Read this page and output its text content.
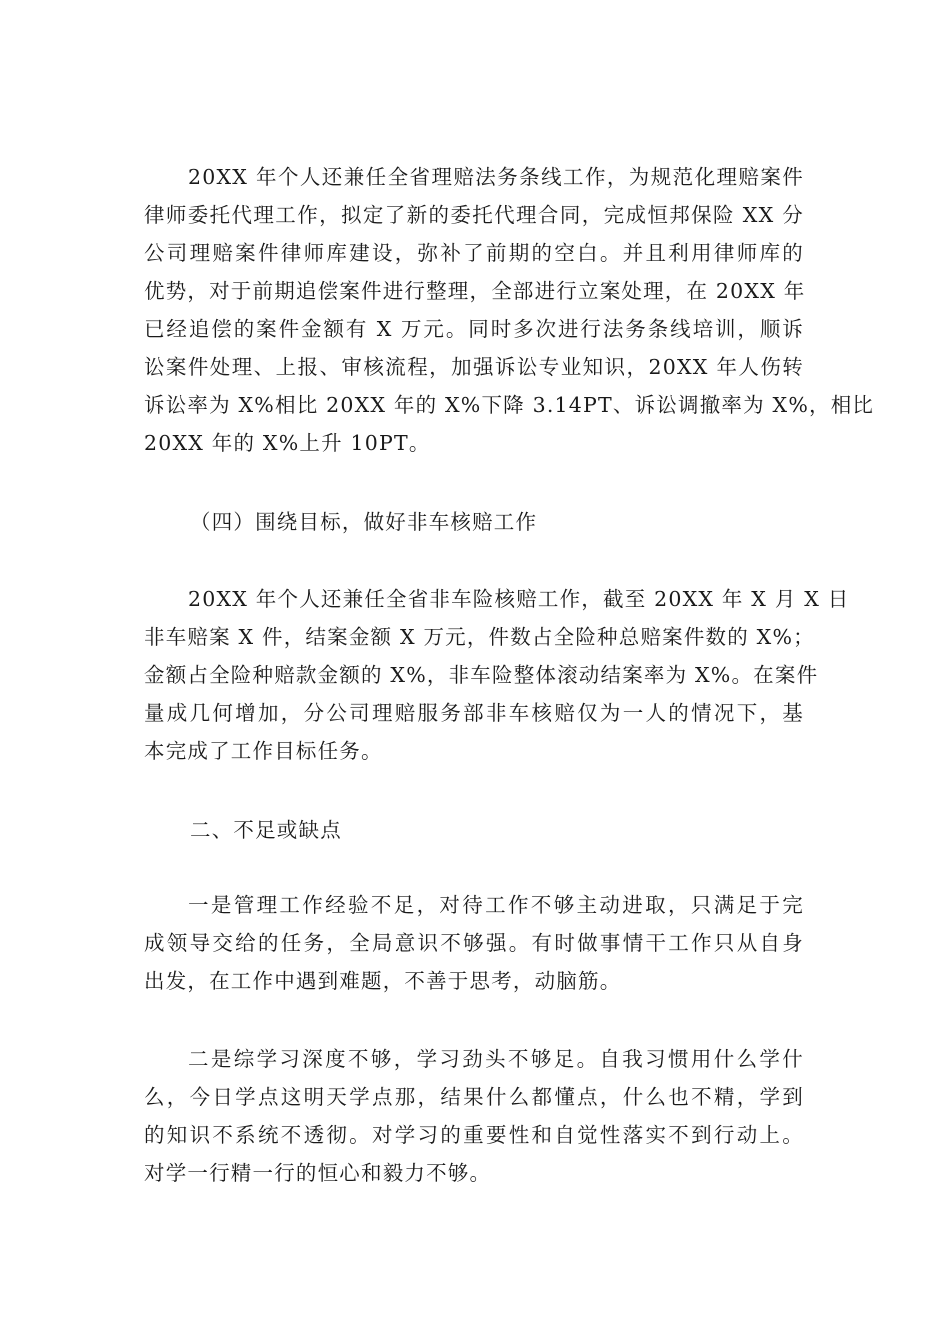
20XX 年个人还兼任全省理赔法务条线工作，为规范化理赔案件
律师委托代理工作，拟定了新的委托代理合同，完成恒邦保险 XX 分
公司理赔案件律师库建设，弥补了前期的空白。并且利用律师库的
优势，对于前期追偿案件进行整理，全部进行立案处理，在 20XX 年
已经追偿的案件金额有 X 万元。同时多次进行法务条线培训，顺诉
讼案件处理、上报、审核流程，加强诉讼专业知识，20XX 年人伤转
诉讼率为 X%相比 20XX 年的 X%下降 3.14PT、诉讼调撤率为 X%，相比
20XX 年的 X%上升 10PT。

（四）围绕目标，做好非车核赔工作

20XX 年个人还兼任全省非车险核赔工作，截至 20XX 年 X 月 X 日
非车赔案 X 件，结案金额 X 万元，件数占全险种总赔案件数的 X%；
金额占全险种赔款金额的 X%，非车险整体滚动结案率为 X%。在案件
量成几何增加，分公司理赔服务部非车核赔仅为一人的情况下，基
本完成了工作目标任务。

二、不足或缺点

一是管理工作经验不足，对待工作不够主动进取，只满足于完
成领导交给的任务，全局意识不够强。有时做事情干工作只从自身
出发，在工作中遇到难题，不善于思考，动脑筋。

二是综学习深度不够，学习劲头不够足。自我习惯用什么学什
么，今日学点这明天学点那，结果什么都懂点，什么也不精，学到
的知识不系统不透彻。对学习的重要性和自觉性落实不到行动上。
对学一行精一行的恒心和毅力不够。
